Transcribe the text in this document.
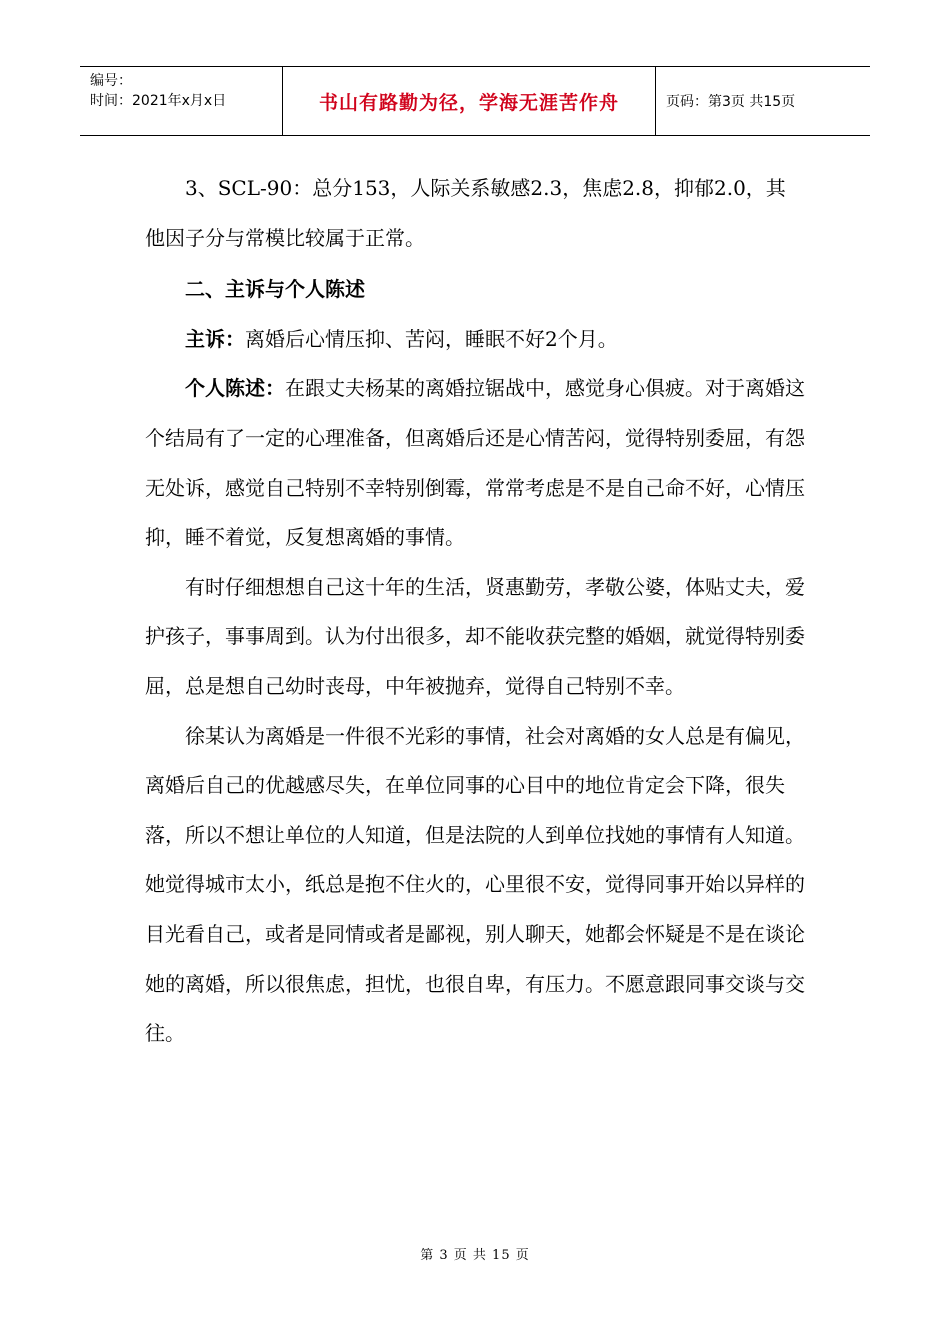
编号：
时间：2021年x月x日	书山有路勤为径，学海无涯苦作舟	页码：第3页 共15页

3、SCL-90：总分153，人际关系敏感2.3，焦虑2.8，抑郁2.0，其他因子分与常模比较属于正常。

二、主诉与个人陈述

主诉：离婚后心情压抑、苦闷，睡眠不好2个月。

个人陈述：在跟丈夫杨某的离婚拉锯战中，感觉身心俱疲。对于离婚这个结局有了一定的心理准备，但离婚后还是心情苦闷，觉得特别委屈，有怨无处诉，感觉自己特别不幸特别倒霉，常常考虑是不是自己命不好，心情压抑，睡不着觉，反复想离婚的事情。

有时仔细想想自己这十年的生活，贤惠勤劳，孝敬公婆，体贴丈夫，爱护孩子，事事周到。认为付出很多，却不能收获完整的婚姻，就觉得特别委屈，总是想自己幼时丧母，中年被抛弃，觉得自己特别不幸。

徐某认为离婚是一件很不光彩的事情，社会对离婚的女人总是有偏见，离婚后自己的优越感尽失，在单位同事的心目中的地位肯定会下降，很失落，所以不想让单位的人知道，但是法院的人到单位找她的事情有人知道。她觉得城市太小，纸总是抱不住火的，心里很不安，觉得同事开始以异样的目光看自己，或者是同情或者是鄙视，别人聊天，她都会怀疑是不是在谈论她的离婚，所以很焦虑，担忧，也很自卑，有压力。不愿意跟同事交谈与交往。

第 3 页 共 15 页
